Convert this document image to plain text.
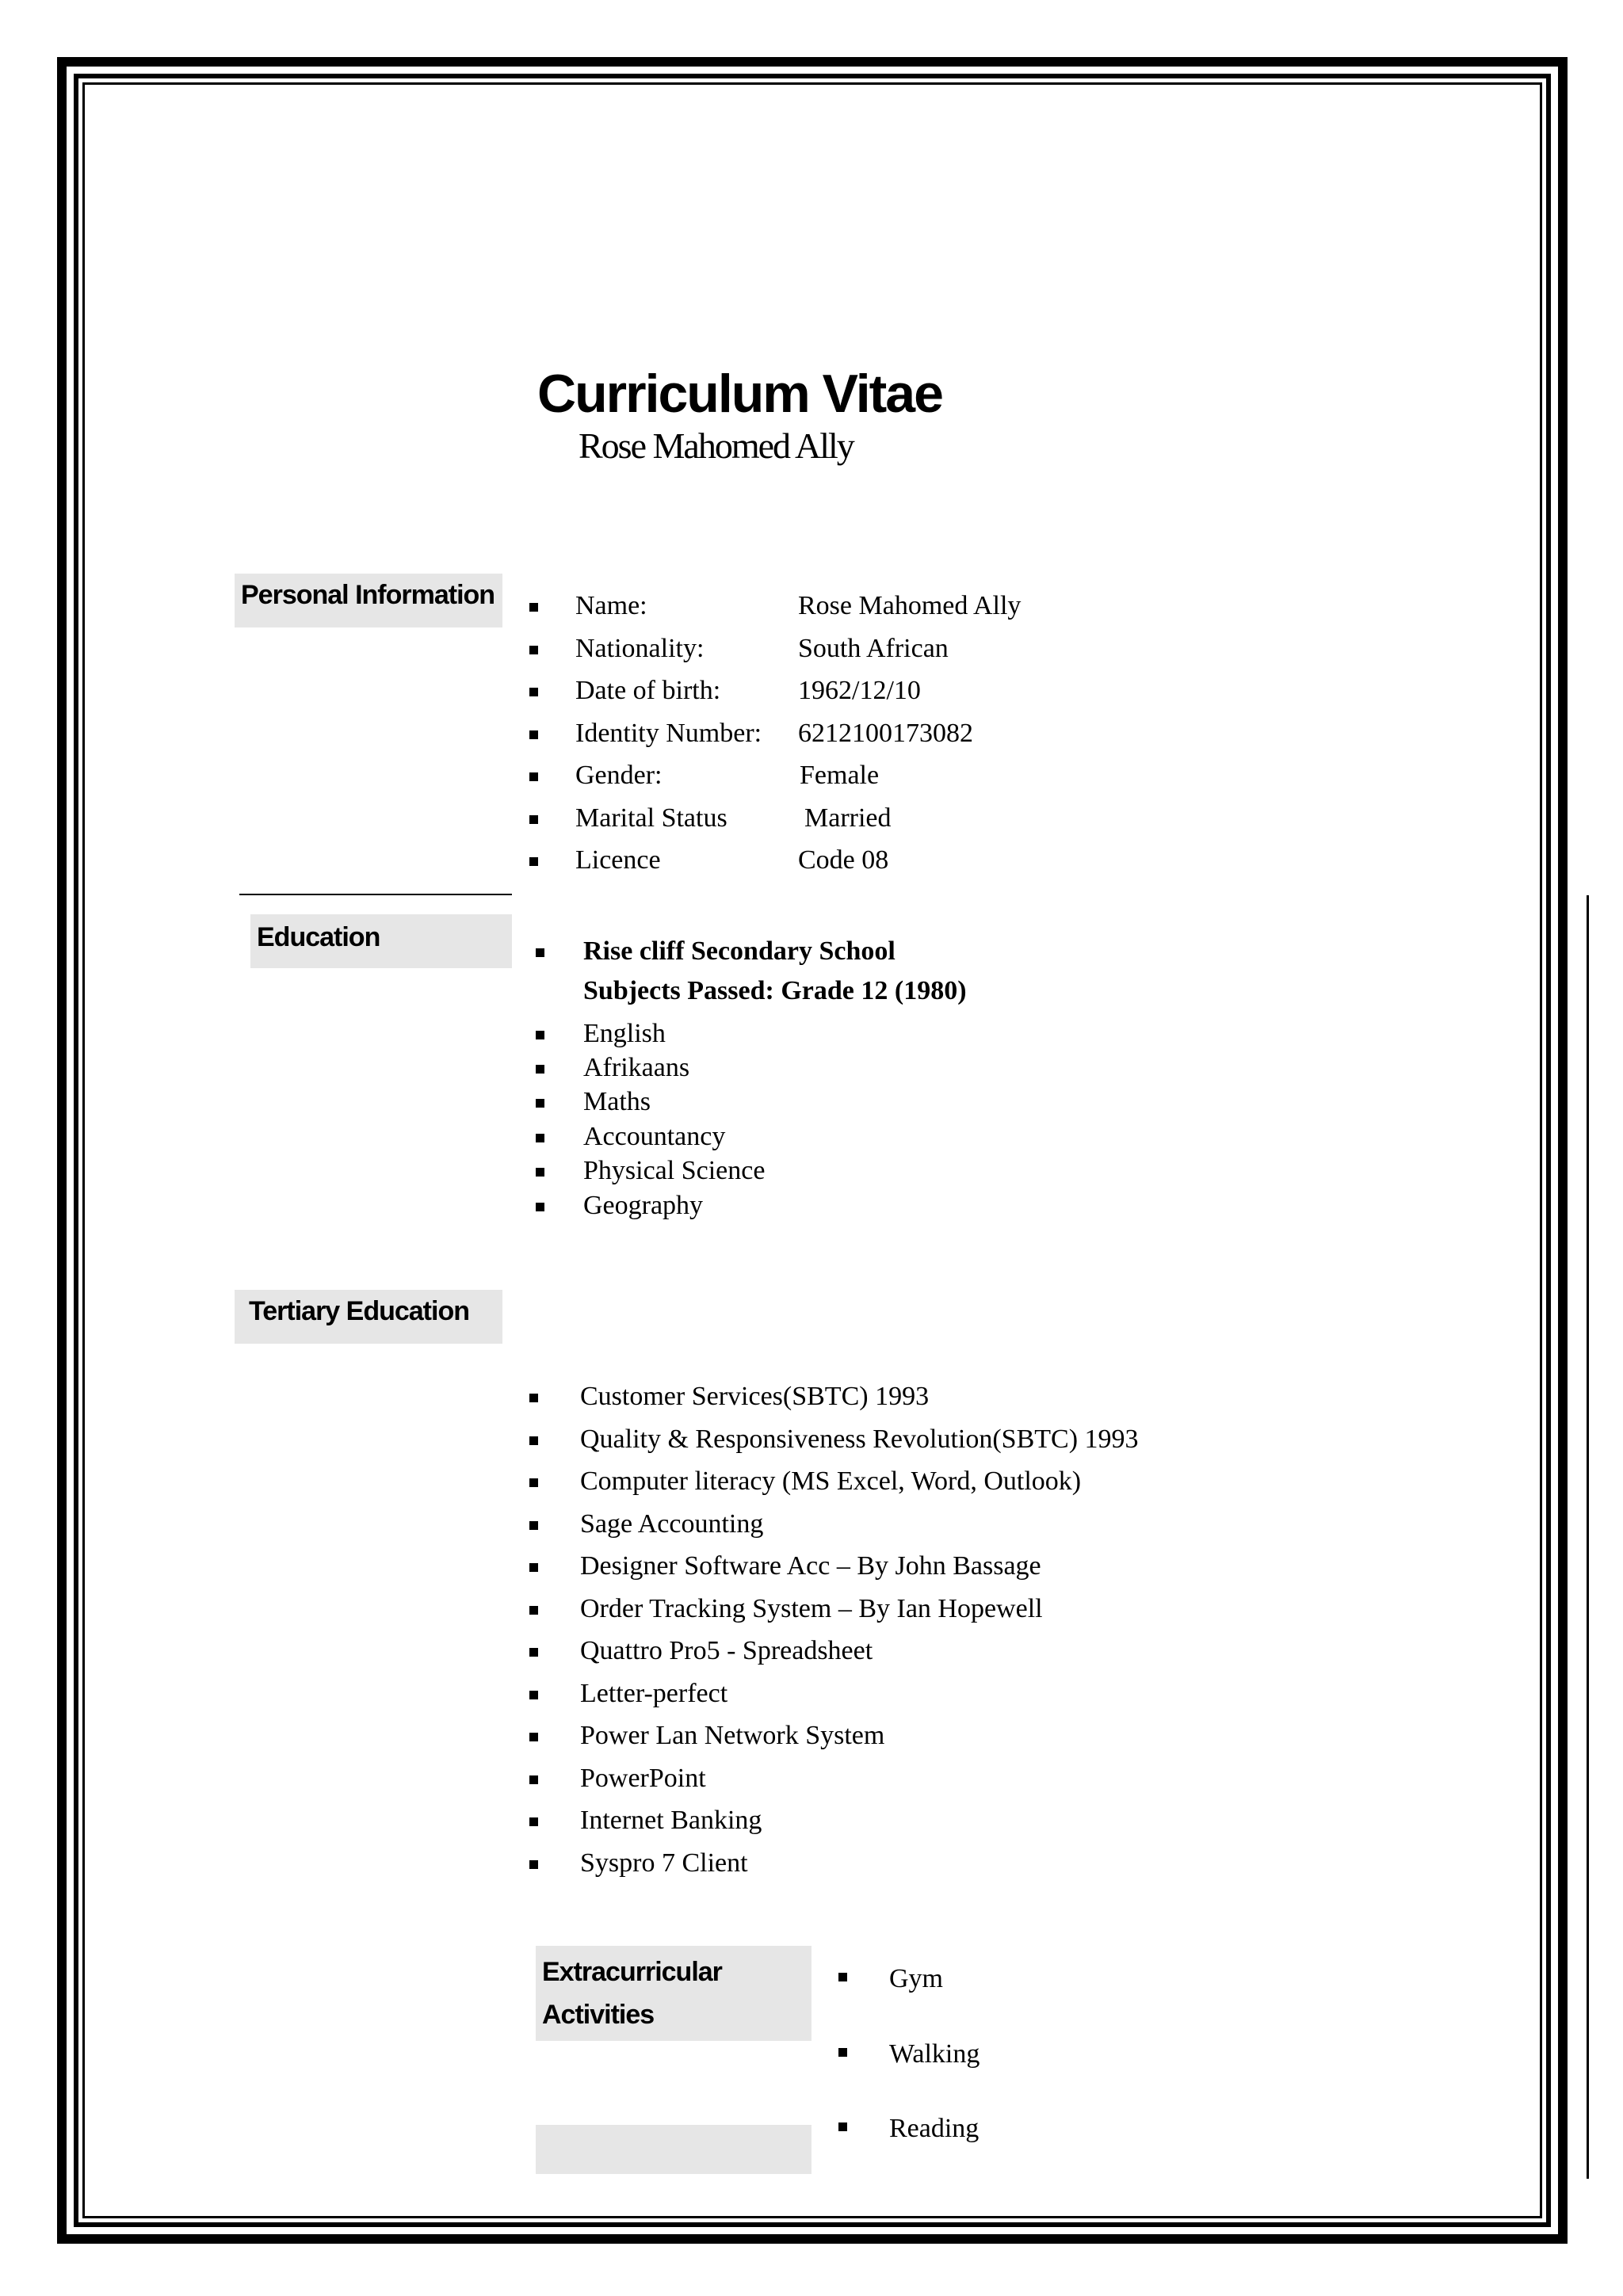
Curriculum Vitae
Rose Mahomed Ally
Personal Information	Name:	Rose Mahomed Ally
Nationality:	South African
Date of birth:	1962/12/10
Identity Number: 6212100173082
Gender:	Female
Marital Status	Married
Licence	Code 08
Education	Rise cliff Secondary School
Subjects Passed: Grade 12 (1980)
English
Afrikaans
Maths
Accountancy
Physical Science
Geography
Tertiary Education
Customer Services(SBTC) 1993
Quality & Responsiveness Revolution(SBTC) 1993
Computer literacy (MS Excel, Word, Outlook)
Sage Accounting
Designer Software Acc – By John Bassage
Order Tracking System – By Ian Hopewell
Quattro Pro5 - Spreadsheet
Letter-perfect
Power Lan Network System
PowerPoint
Internet Banking
Syspro 7 Client
Extracurricular
Activities
Gym
Walking
Reading
